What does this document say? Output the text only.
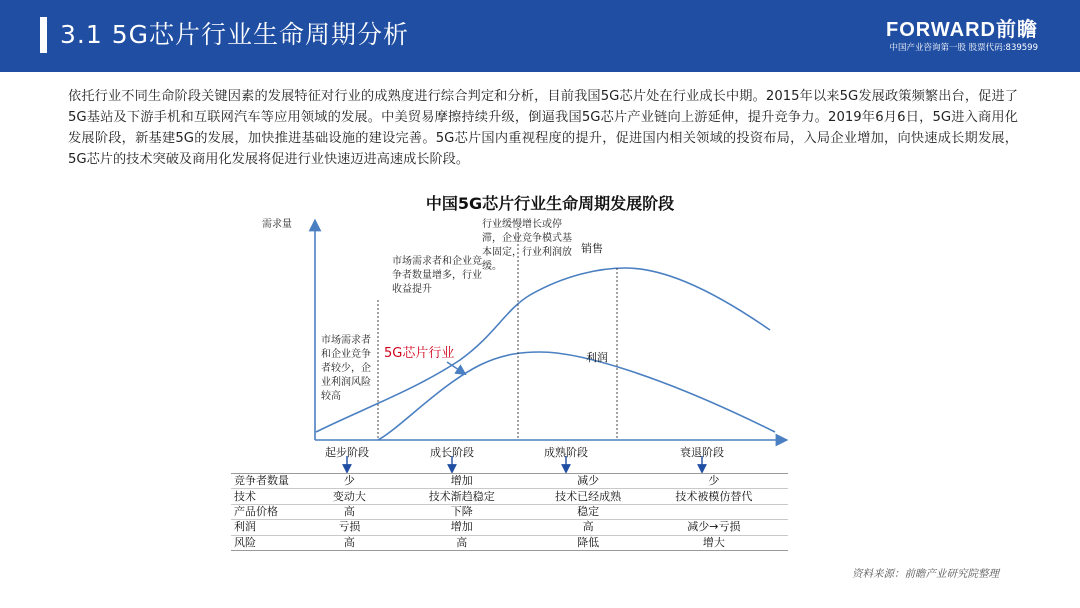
3.1 5G芯片行业生命周期分析	FORWARD前瞻
中国产业咨询第一股 股票代码:839599
依托行业不同生命阶段关键因素的发展特征对行业的成熟度进行综合判定和分析，目前我国5G芯片处在行业成长中期。2015年以来5G发展政策频繁出台，促进了5G基站及下游手机和互联网汽车等应用领域的发展。中美贸易摩擦持续升级，倒逼我国5G芯片产业链向上游延伸，提升竞争力。2019年6月6日，5G进入商用化发展阶段，新基建5G的发展，加快推进基础设施的建设完善。5G芯片国内重视程度的提升，促进国内相关领域的投资布局，入局企业增加，向快速成长期发展，5G芯片的技术突破及商用化发展将促进行业快速迈进高速成长阶段。
中国5G芯片行业生命周期发展阶段
需求量
市场需求者和企业竞争者较少，企业利润风险较高
市场需求者和企业竞争者数量增多，行业收益提升
行业缓慢增长或停滞，企业竞争模式基本固定，行业利润放缓。
5G芯片行业
销售
利润
起步阶段	成长阶段	成熟阶段	衰退阶段
竞争者数量	少	增加	减少	少
技术	变动大	技术渐趋稳定	技术已经成熟	技术被模仿替代
产品价格	高	下降	稳定	
利润	亏损	增加	高	减少→亏损
风险	高	高	降低	增大
资料来源：前瞻产业研究院整理
